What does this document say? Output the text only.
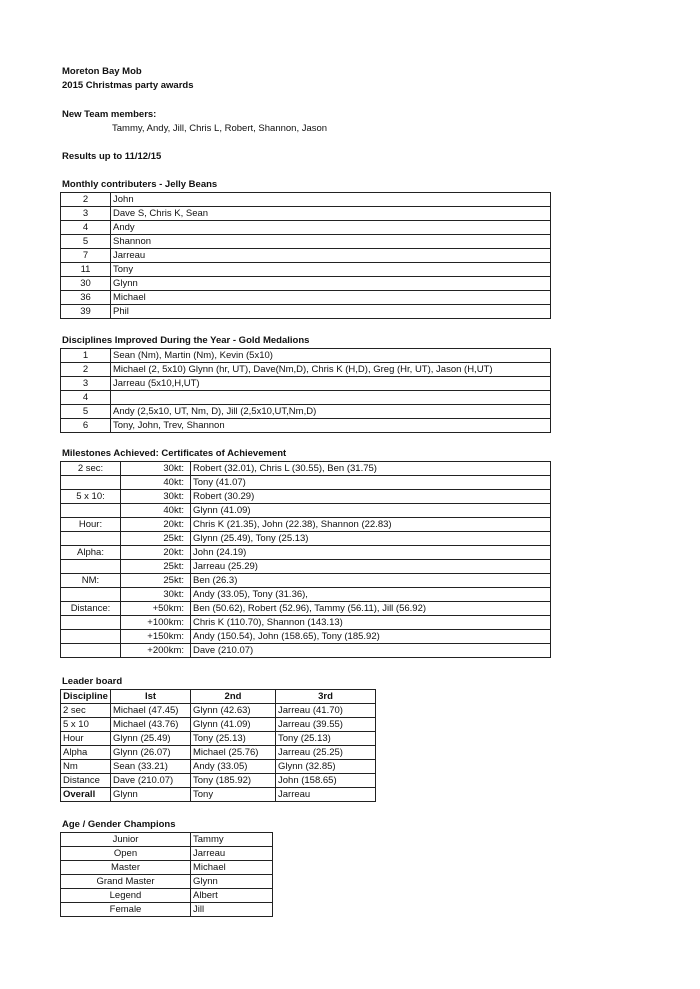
Moreton Bay Mob
2015 Christmas party awards
New Team members:
Tammy, Andy, Jill, Chris L, Robert, Shannon, Jason
Results up to 11/12/15
Monthly contributers - Jelly Beans
2	John
3	Dave S, Chris K, Sean
4	Andy
5	Shannon
7	Jarreau
11	Tony
30	Glynn
36	Michael
39	Phil
Disciplines Improved During the Year - Gold Medalions
1	Sean (Nm), Martin (Nm), Kevin (5x10)
2	Michael (2, 5x10) Glynn (hr, UT), Dave(Nm,D), Chris K (H,D), Greg (Hr, UT), Jason (H,UT)
3	Jarreau (5x10,H,UT)
4	
5	Andy (2,5x10, UT, Nm, D), Jill (2,5x10,UT,Nm,D)
6	Tony, John, Trev, Shannon
Milestones Achieved: Certificates of Achievement
2 sec:	30kt:	Robert (32.01), Chris L (30.55), Ben (31.75)
	40kt:	Tony (41.07)
5 x 10:	30kt:	Robert (30.29)
	40kt:	Glynn (41.09)
Hour:	20kt:	Chris K (21.35), John (22.38), Shannon (22.83)
	25kt:	Glynn (25.49), Tony (25.13)
Alpha:	20kt:	John (24.19)
	25kt:	Jarreau (25.29)
NM:	25kt:	Ben (26.3)
	30kt:	Andy (33.05), Tony (31.36),
Distance:	+50km:	Ben (50.62), Robert (52.96), Tammy (56.11), Jill (56.92)
	+100km:	Chris K (110.70), Shannon (143.13)
	+150km:	Andy (150.54), John (158.65), Tony (185.92)
	+200km:	Dave (210.07)
Leader board
Discipline	Ist	2nd	3rd
2 sec	Michael (47.45)	Glynn (42.63)	Jarreau (41.70)
5 x 10	Michael (43.76)	Glynn (41.09)	Jarreau (39.55)
Hour	Glynn (25.49)	Tony (25.13)	Tony (25.13)
Alpha	Glynn (26.07)	Michael (25.76)	Jarreau (25.25)
Nm	Sean (33.21)	Andy (33.05)	Glynn (32.85)
Distance	Dave (210.07)	Tony (185.92)	John (158.65)
Overall	Glynn	Tony	Jarreau
Age / Gender Champions
Junior	Tammy
Open	Jarreau
Master	Michael
Grand Master	Glynn
Legend	Albert
Female	Jill
